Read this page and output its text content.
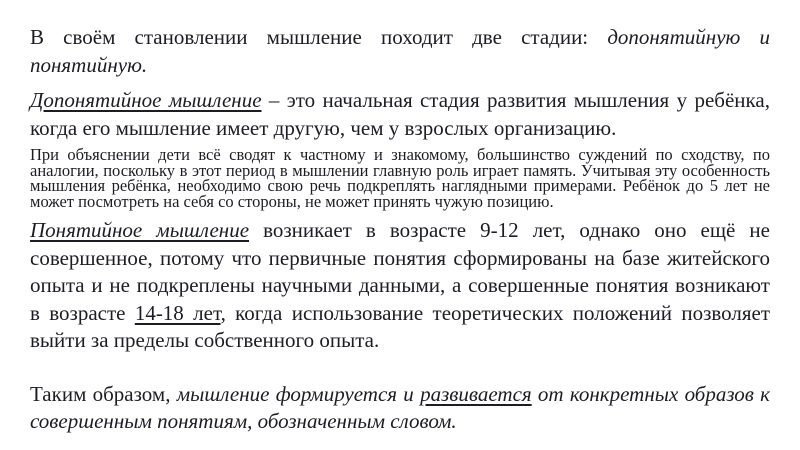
В своём становлении мышление походит две стадии: допонятийную и понятийную.

Допонятийное мышление – это начальная стадия развития мышления у ребёнка, когда его мышление имеет другую, чем у взрослых организацию.

При объяснении дети всё сводят к частному и знакомому, большинство суждений по сходству, по аналогии, поскольку в этот период в мышлении главную роль играет память. Учитывая эту особенность мышления ребёнка, необходимо свою речь подкреплять наглядными примерами. Ребёнок до 5 лет не может посмотреть на себя со стороны, не может принять чужую позицию.

Понятийное мышление возникает в возрасте 9-12 лет, однако оно ещё не совершенное, потому что первичные понятия сформированы на базе житейского опыта и не подкреплены научными данными, а совершенные понятия возникают в возрасте 14-18 лет, когда использование теоретических положений позволяет выйти за пределы собственного опыта.

Таким образом, мышление формируется и развивается от конкретных образов к совершенным понятиям, обозначенным словом.
